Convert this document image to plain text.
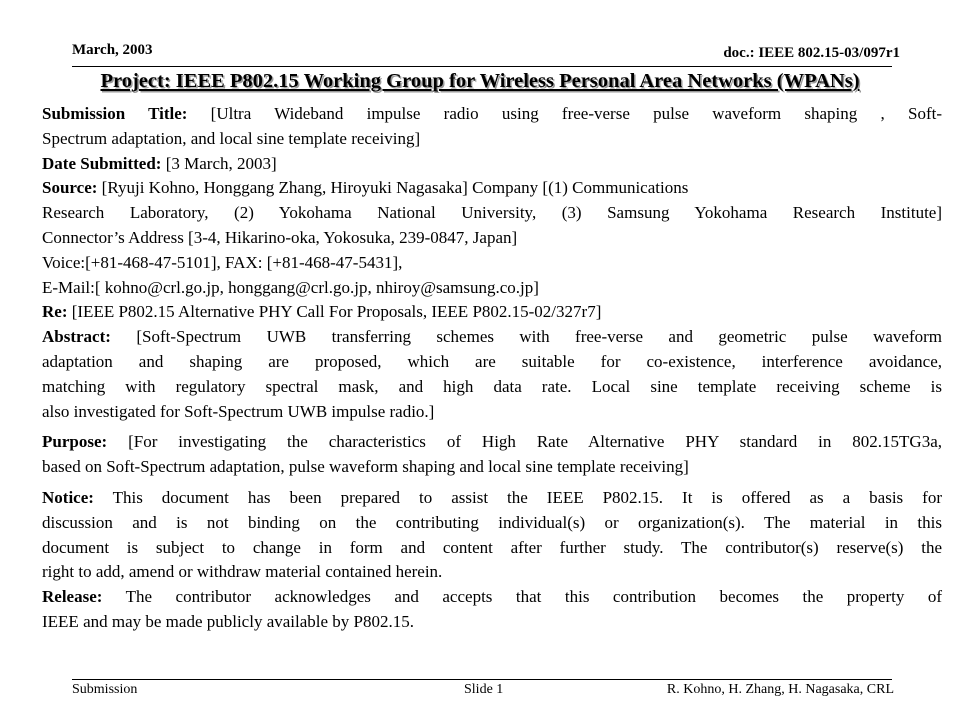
March, 2003	doc.: IEEE 802.15-03/097r1
Project: IEEE P802.15 Working Group for Wireless Personal Area Networks (WPANs)

Submission Title: [Ultra Wideband impulse radio using free-verse pulse waveform shaping , Soft-

Spectrum adaptation, and local sine template receiving]

Date Submitted: [3 March, 2003]

Source: [Ryuji Kohno, Honggang Zhang, Hiroyuki Nagasaka] Company [(1) Communications

Research Laboratory, (2) Yokohama National University, (3) Samsung Yokohama Research Institute]

Connector’s Address [3-4, Hikarino-oka, Yokosuka, 239-0847, Japan]

Voice:[+81-468-47-5101], FAX: [+81-468-47-5431],

E-Mail:[ kohno@crl.go.jp, honggang@crl.go.jp, nhiroy@samsung.co.jp]

Re: [IEEE P802.15 Alternative PHY Call For Proposals, IEEE P802.15-02/327r7]

Abstract: [Soft-Spectrum UWB transferring schemes with free-verse and geometric pulse waveform

adaptation and shaping are proposed, which are suitable for co-existence, interference avoidance,

matching with regulatory spectral mask, and high data rate. Local sine template receiving scheme is

also investigated for Soft-Spectrum UWB impulse radio.]

Purpose: [For investigating the characteristics of High Rate Alternative PHY standard in 802.15TG3a,

based on Soft-Spectrum adaptation, pulse waveform shaping and local sine template receiving]

Notice: This document has been prepared to assist the IEEE P802.15. It is offered as a basis for

discussion and is not binding on the contributing individual(s) or organization(s). The material in this

document is subject to change in form and content after further study. The contributor(s) reserve(s) the

right to add, amend or withdraw material contained herein.

Release: The contributor acknowledges and accepts that this contribution becomes the property of

IEEE and may be made publicly available by P802.15.

Submission	Slide 1	R. Kohno, H. Zhang, H. Nagasaka, CRL
